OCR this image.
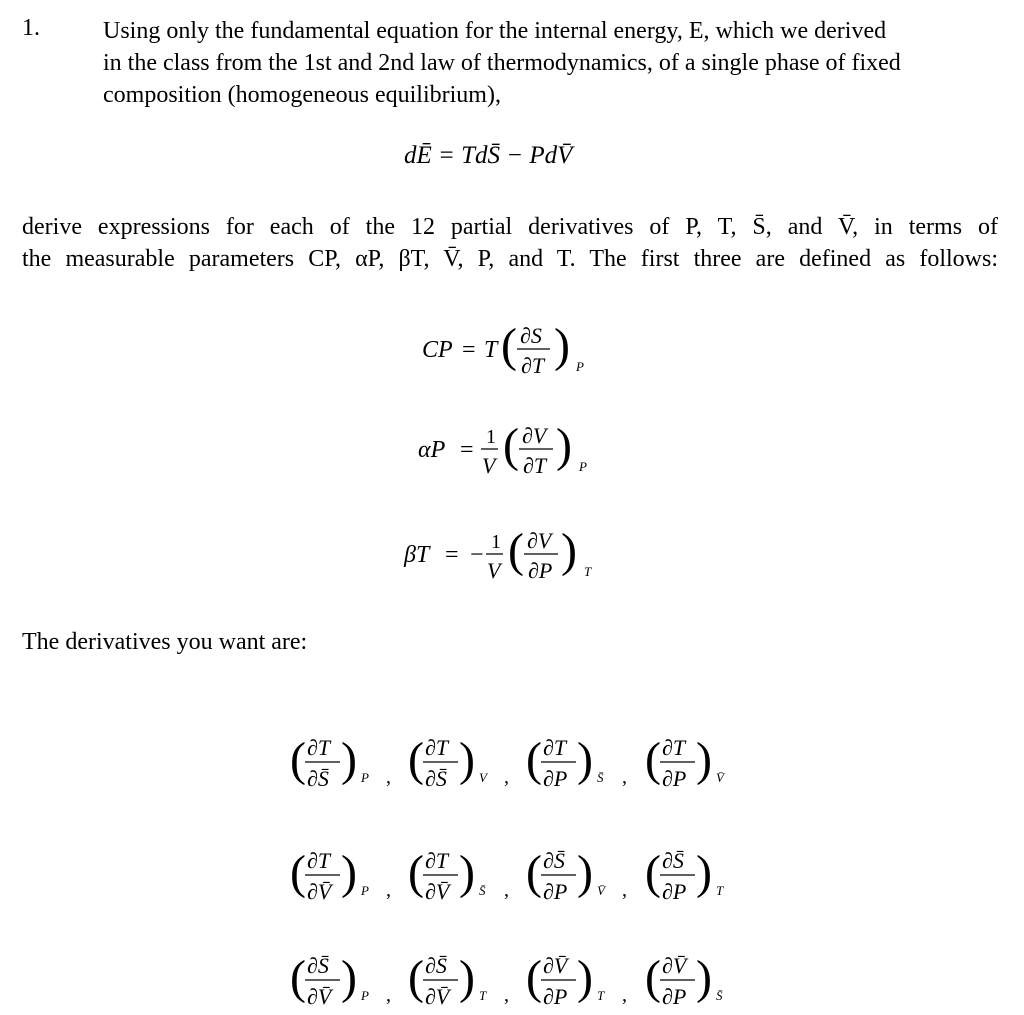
1.	Using only the fundamental equation for the internal energy, E, which we derived
in the class from the 1st and 2nd law of thermodynamics, of a single phase of fixed
composition (homogeneous equilibrium),
dĒ = TdS̄ − PdV̄
derive expressions for each of the 12 partial derivatives of P, T, S̄, and V̄, in terms of
the measurable parameters CP, αP, βT, V̄, P, and T. The first three are defined as follows:
CP = T ( ∂S
∂T ) P
αP = 1
V ( ∂V
∂T ) P
βT = − 1
V ( ∂V
∂P ) T
The derivatives you want are:
( ∂T
∂S̄ ) P , ( ∂T
∂S̄ ) V , ( ∂T
∂P ) S̄ , ( ∂T
∂P ) V̄
( ∂T
∂V̄ ) P , ( ∂T
∂V̄ ) S̄ , ( ∂S̄
∂P ) V̄ , ( ∂S̄
∂P ) T
( ∂S̄
∂V̄ ) P , ( ∂S̄
∂V̄ ) T , ( ∂V̄
∂P ) T , ( ∂V̄
∂P ) S̄
